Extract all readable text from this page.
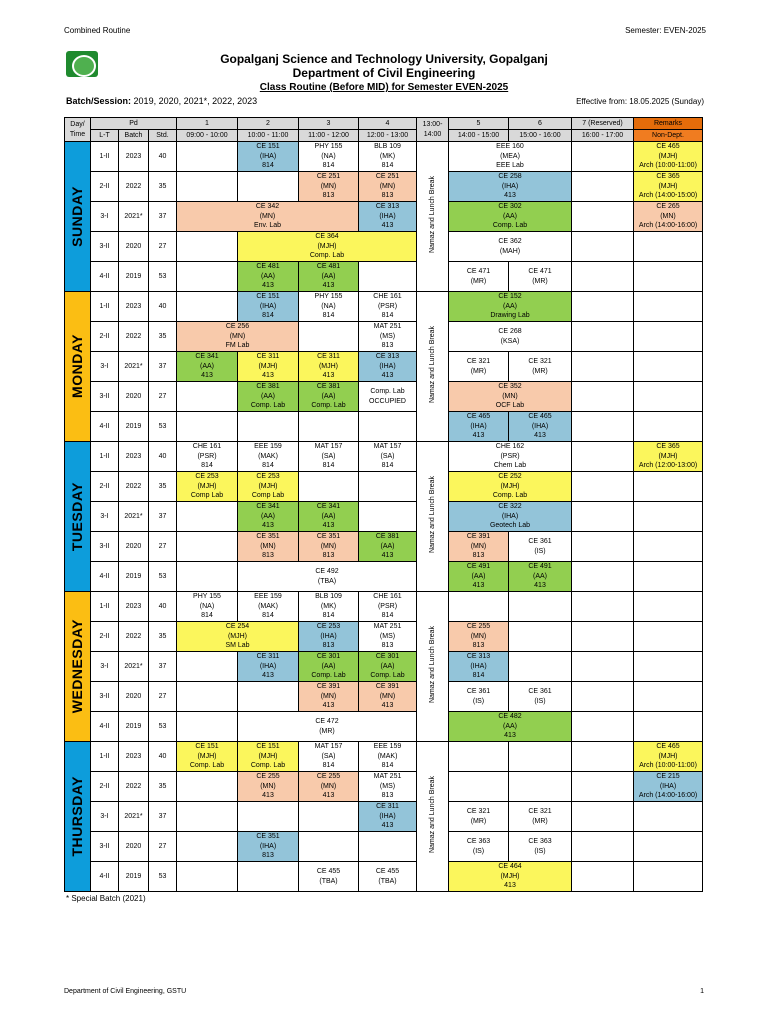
Combined Routine	Semester: EVEN-2025
Gopalganj Science and Technology University, Gopalganj
Department of Civil Engineering
Class Routine (Before MID) for Semester EVEN-2025
Batch/Session: 2019, 2020, 2021*, 2022, 2023	Effective from: 18.05.2025 (Sunday)
Day/ Time	Pd			1	2	3	4	13:00- 14:00	5	6	7 (Reserved)	Remarks
	L-T	Batch	Std.	09:00 - 10:00	10:00 - 11:00	11:00 - 12:00	12:00 - 13:00		14:00 - 15:00	15:00 - 16:00	16:00 - 17:00	Non-Dept.
SUNDAY	1-II	2023	40		CE 151
(IHA)
814	PHY 155
(NA)
814	BLB 109
(MK)
814	Namaz and Lunch Break	EEE 160
(MEA)
EEE Lab			CE 465
(MJH)
Arch (10:00-11:00)
	2-II	2022	35			CE 251
(MN)
813	CE 251
(MN)
813		CE 258
(IHA)
413			CE 365
(MJH)
Arch (14:00-15:00)
	3-I	2021*	37	CE 342
(MN)
Env. Lab			CE 313
(IHA)
413		CE 302
(AA)
Comp. Lab			CE 265
(MN)
Arch (14:00-16:00)
	3-II	2020	27		CE 364
(MJH)
Comp. Lab				CE 362
(MAH)			
	4-II	2019	53		CE 481
(AA)
413	CE 481
(AA)
413			CE 471
(MR)	CE 471
(MR)		
MONDAY	1-II	2023	40		CE 151
(IHA)
814	PHY 155
(NA)
814	CHE 161
(PSR)
814	Namaz and Lunch Break	CE 152
(AA)
Drawing Lab			
	2-II	2022	35	CE 256
(MN)
FM Lab			MAT 251
(MS)
813		CE 268
(KSA)			
	3-I	2021*	37	CE 341
(AA)
413	CE 311
(MJH)
413	CE 311
(MJH)
413	CE 313
(IHA)
413		CE 321
(MR)	CE 321
(MR)		
	3-II	2020	27		CE 381
(AA)
Comp. Lab	CE 381
(AA)
Comp. Lab	Comp. Lab
OCCUPIED		CE 352
(MN)
OCF Lab			
	4-II	2019	53						CE 465
(IHA)
413	CE 465
(IHA)
413		
TUESDAY	1-II	2023	40	CHE 161
(PSR)
814	EEE 159
(MAK)
814	MAT 157
(SA)
814	MAT 157
(SA)
814	Namaz and Lunch Break	CHE 162
(PSR)
Chem Lab			CE 365
(MJH)
Arch (12:00-13:00)
	2-II	2022	35	CE 253
(MJH)
Comp Lab	CE 253
(MJH)
Comp Lab				CE 252
(MJH)
Comp. Lab			
	3-I	2021*	37		CE 341
(AA)
413	CE 341
(AA)
413			CE 322
(IHA)
Geotech Lab			
	3-II	2020	27		CE 351
(MN)
813	CE 351
(MN)
813	CE 381
(AA)
413		CE 391
(MN)
813	CE 361
(IS)		
	4-II	2019	53		CE 492
(TBA)				CE 491
(AA)
413	CE 491
(AA)
413		
WEDNESDAY	1-II	2023	40	PHY 155
(NA)
814	EEE 159
(MAK)
814	BLB 109
(MK)
814	CHE 161
(PSR)
814	Namaz and Lunch Break				
	2-II	2022	35	CE 254
(MJH)
SM Lab		CE 253
(IHA)
813	MAT 251
(MS)
813		CE 255
(MN)
813			
	3-I	2021*	37		CE 311
(IHA)
413	CE 301
(AA)
Comp. Lab	CE 301
(AA)
Comp. Lab		CE 313
(IHA)
814			
	3-II	2020	27			CE 391
(MN)
413	CE 391
(MN)
413		CE 361
(IS)	CE 361
(IS)		
	4-II	2019	53		CE 472
(MR)				CE 482
(AA)
413			
THURSDAY	1-II	2023	40	CE 151
(MJH)
Comp. Lab	CE 151
(MJH)
Comp. Lab	MAT 157
(SA)
814	EEE 159
(MAK)
814	Namaz and Lunch Break				CE 465
(MJH)
Arch (10:00-11:00)
	2-II	2022	35		CE 255
(MN)
413	CE 255
(MN)
413	MAT 251
(MS)
813					CE 215
(IHA)
Arch (14:00-16:00)
	3-I	2021*	37				CE 311
(IHA)
413		CE 321
(MR)	CE 321
(MR)		
	3-II	2020	27		CE 351
(IHA)
813				CE 363
(IS)	CE 363
(IS)		
	4-II	2019	53			CE 455
(TBA)	CE 455
(TBA)		CE 464
(MJH)
413			
* Special Batch (2021)
Department of Civil Engineering, GSTU	1
